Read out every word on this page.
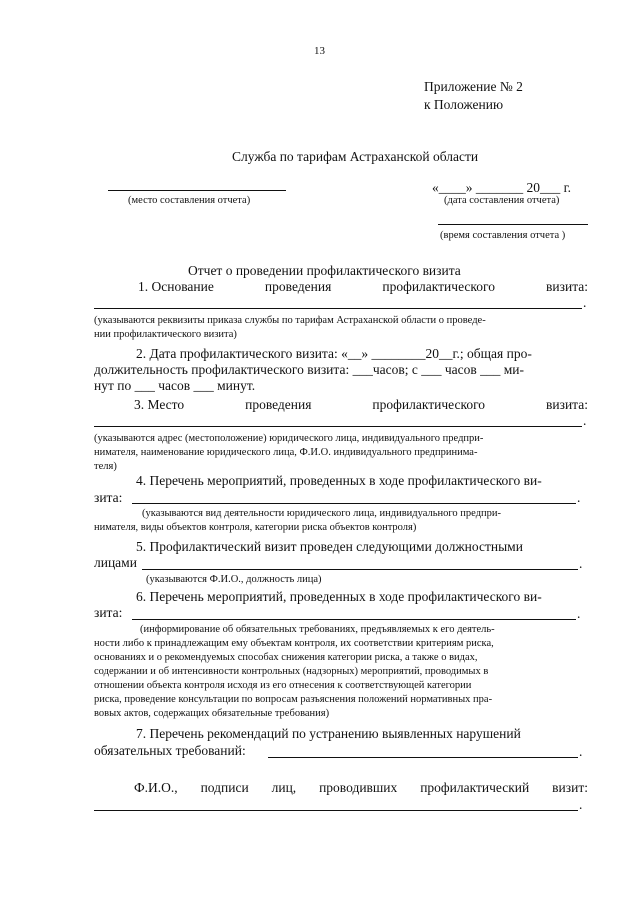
13
Приложение № 2
к Положению
Служба по тарифам Астраханской области
(место составления отчета)
«____» _______ 20___ г.
(дата составления отчета)
(время составления отчета )
Отчет о проведении профилактического визита
1. Основание	проведения	профилактического	визита:
.
(указываются реквизиты приказа службы по тарифам Астраханской области о проведе-
нии профилактического визита)
2. Дата профилактического визита: «__» ________20__г.; общая про-
должительность профилактического визита: ___часов; с ___ часов ___ ми-
нут по ___ часов ___ минут.
3. Место	проведения	профилактического	визита:
.
(указываются адрес (местоположение) юридического лица, индивидуального предпри-
нимателя, наименование юридического лица, Ф.И.О. индивидуального предпринима-
теля)
4. Перечень мероприятий, проведенных в ходе профилактического ви-
зита:	.
(указываются вид деятельности юридического лица, индивидуального предпри-
нимателя, виды объектов контроля, категории риска объектов контроля)
5. Профилактический визит проведен следующими должностными
лицами	.
(указываются Ф.И.О., должность лица)
6. Перечень мероприятий, проведенных в ходе профилактического ви-
зита:	.
(информирование об обязательных требованиях, предъявляемых к его деятель-
ности либо к принадлежащим ему объектам контроля, их соответствии критериям риска,
основаниях и о рекомендуемых способах снижения категории риска, а также о видах,
содержании и об интенсивности контрольных (надзорных) мероприятий, проводимых в
отношении объекта контроля исходя из его отнесения к соответствующей категории
риска, проведение консультации по вопросам разъяснения положений нормативных пра-
вовых актов, содержащих обязательные требования)
7. Перечень рекомендаций по устранению выявленных нарушений
обязательных требований:	.
Ф.И.О., подписи лиц, проводивших профилактический визит:
.
